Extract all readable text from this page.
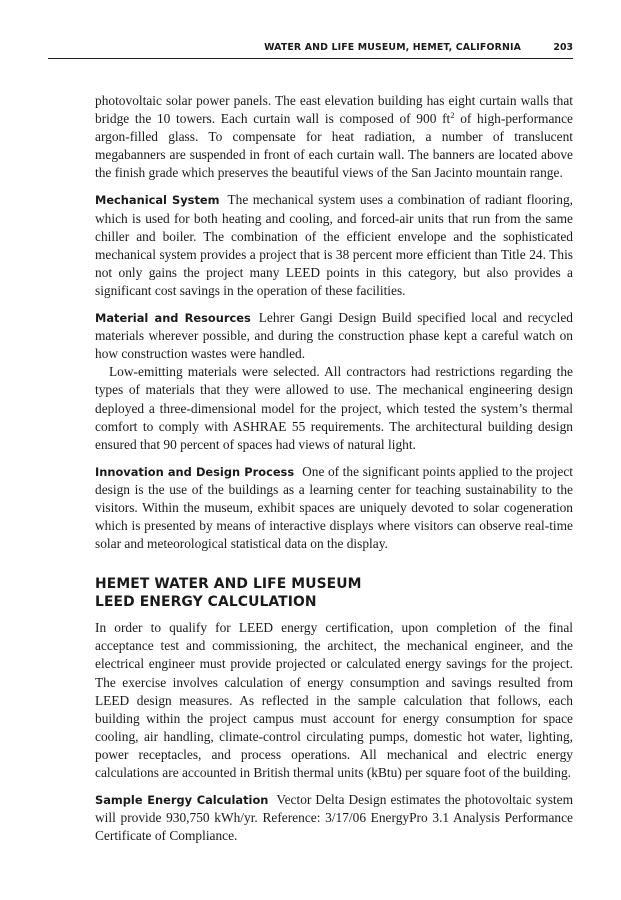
WATER AND LIFE MUSEUM, HEMET, CALIFORNIA	203

photovoltaic solar power panels. The east elevation building has eight curtain walls that bridge the 10 towers. Each curtain wall is composed of 900 $ft^2$ of high-performance argon-filled glass. To compensate for heat radiation, a number of translucent megabanners are suspended in front of each curtain wall. The banners are located above the finish grade which preserves the beautiful views of the San Jacinto mountain range.

Mechanical System The mechanical system uses a combination of radiant flooring, which is used for both heating and cooling, and forced-air units that run from the same chiller and boiler. The combination of the efficient envelope and the sophisticated mechanical system provides a project that is 38 percent more efficient than Title 24. This not only gains the project many LEED points in this category, but also provides a significant cost savings in the operation of these facilities.

Material and Resources Lehrer Gangi Design Build specified local and recycled materials wherever possible, and during the construction phase kept a careful watch on how construction wastes were handled.

Low-emitting materials were selected. All contractors had restrictions regarding the types of materials that they were allowed to use. The mechanical engineering design deployed a three-dimensional model for the project, which tested the system’s thermal comfort to comply with ASHRAE 55 requirements. The architectural building design ensured that 90 percent of spaces had views of natural light.

Innovation and Design Process One of the significant points applied to the project design is the use of the buildings as a learning center for teaching sustainability to the visitors. Within the museum, exhibit spaces are uniquely devoted to solar cogeneration which is presented by means of interactive displays where visitors can observe real-time solar and meteorological statistical data on the display.

HEMET WATER AND LIFE MUSEUM
LEED ENERGY CALCULATION

In order to qualify for LEED energy certification, upon completion of the final acceptance test and commissioning, the architect, the mechanical engineer, and the electrical engineer must provide projected or calculated energy savings for the project. The exercise involves calculation of energy consumption and savings resulted from LEED design measures. As reflected in the sample calculation that follows, each building within the project campus must account for energy consumption for space cooling, air handling, climate-control circulating pumps, domestic hot water, lighting, power receptacles, and process operations. All mechanical and electric energy calculations are accounted in British thermal units (kBtu) per square foot of the building.

Sample Energy Calculation Vector Delta Design estimates the photovoltaic system will provide 930,750 kWh/yr. Reference: 3/17/06 EnergyPro 3.1 Analysis Performance Certificate of Compliance.
